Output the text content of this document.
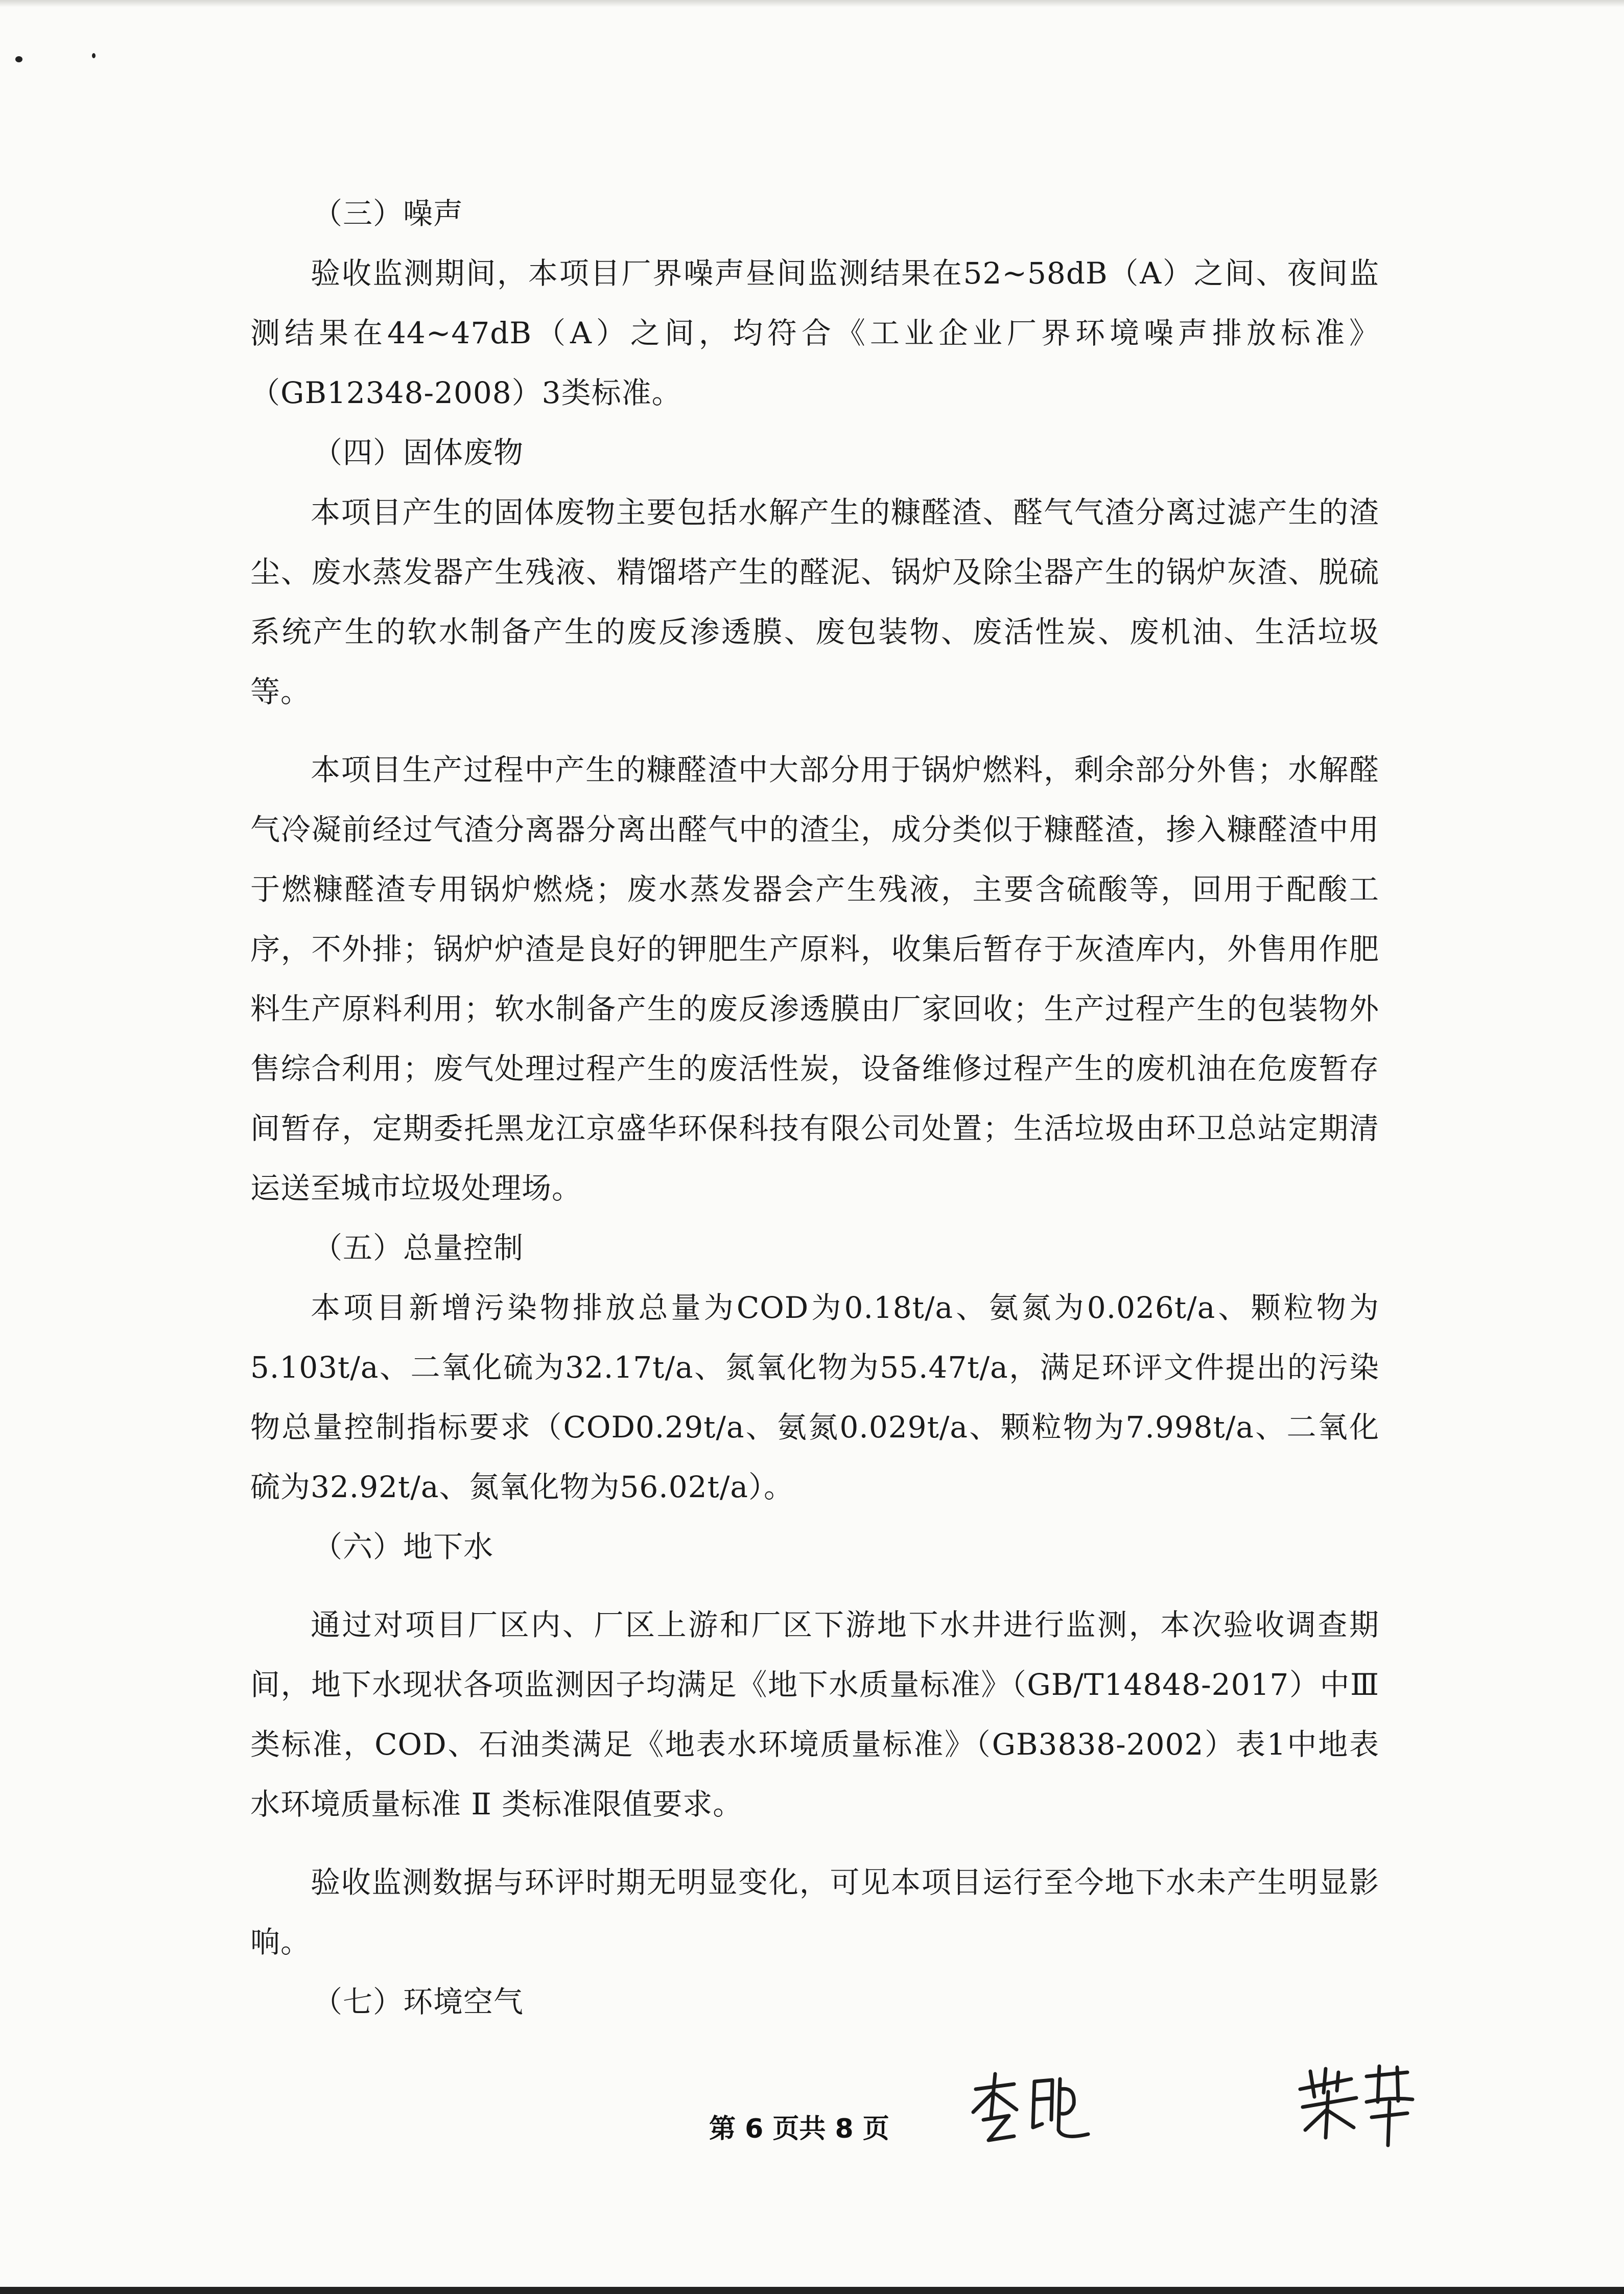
（三）噪声

验收监测期间，本项目厂界噪声昼间监测结果在52~58dB（A）之间、夜间监测结果在44~47dB（A）之间，均符合《工业企业厂界环境噪声排放标准》（GB12348-2008）3类标准。

（四）固体废物

本项目产生的固体废物主要包括水解产生的糠醛渣、醛气气渣分离过滤产生的渣尘、废水蒸发器产生残液、精馏塔产生的醛泥、锅炉及除尘器产生的锅炉灰渣、脱硫系统产生的软水制备产生的废反渗透膜、废包装物、废活性炭、废机油、生活垃圾等。

本项目生产过程中产生的糠醛渣中大部分用于锅炉燃料，剩余部分外售；水解醛气冷凝前经过气渣分离器分离出醛气中的渣尘，成分类似于糠醛渣，掺入糠醛渣中用于燃糠醛渣专用锅炉燃烧；废水蒸发器会产生残液，主要含硫酸等，回用于配酸工序，不外排；锅炉炉渣是良好的钾肥生产原料，收集后暂存于灰渣库内，外售用作肥料生产原料利用；软水制备产生的废反渗透膜由厂家回收；生产过程产生的包装物外售综合利用；废气处理过程产生的废活性炭，设备维修过程产生的废机油在危废暂存间暂存，定期委托黑龙江京盛华环保科技有限公司处置；生活垃圾由环卫总站定期清运送至城市垃圾处理场。

（五）总量控制

本项目新增污染物排放总量为COD为0.18t/a、氨氮为0.026t/a、颗粒物为5.103t/a、二氧化硫为32.17t/a、氮氧化物为55.47t/a，满足环评文件提出的污染物总量控制指标要求（COD0.29t/a、氨氮0.029t/a、颗粒物为7.998t/a、二氧化硫为32.92t/a、氮氧化物为56.02t/a）。

（六）地下水

通过对项目厂区内、厂区上游和厂区下游地下水井进行监测，本次验收调查期间，地下水现状各项监测因子均满足《地下水质量标准》（GB/T14848-2017）中Ⅲ类标准，COD、石油类满足《地表水环境质量标准》（GB3838-2002）表1中地表水环境质量标准 Ⅱ 类标准限值要求。

验收监测数据与环评时期无明显变化，可见本项目运行至今地下水未产生明显影响。

（七）环境空气

第 6 页共 8 页
